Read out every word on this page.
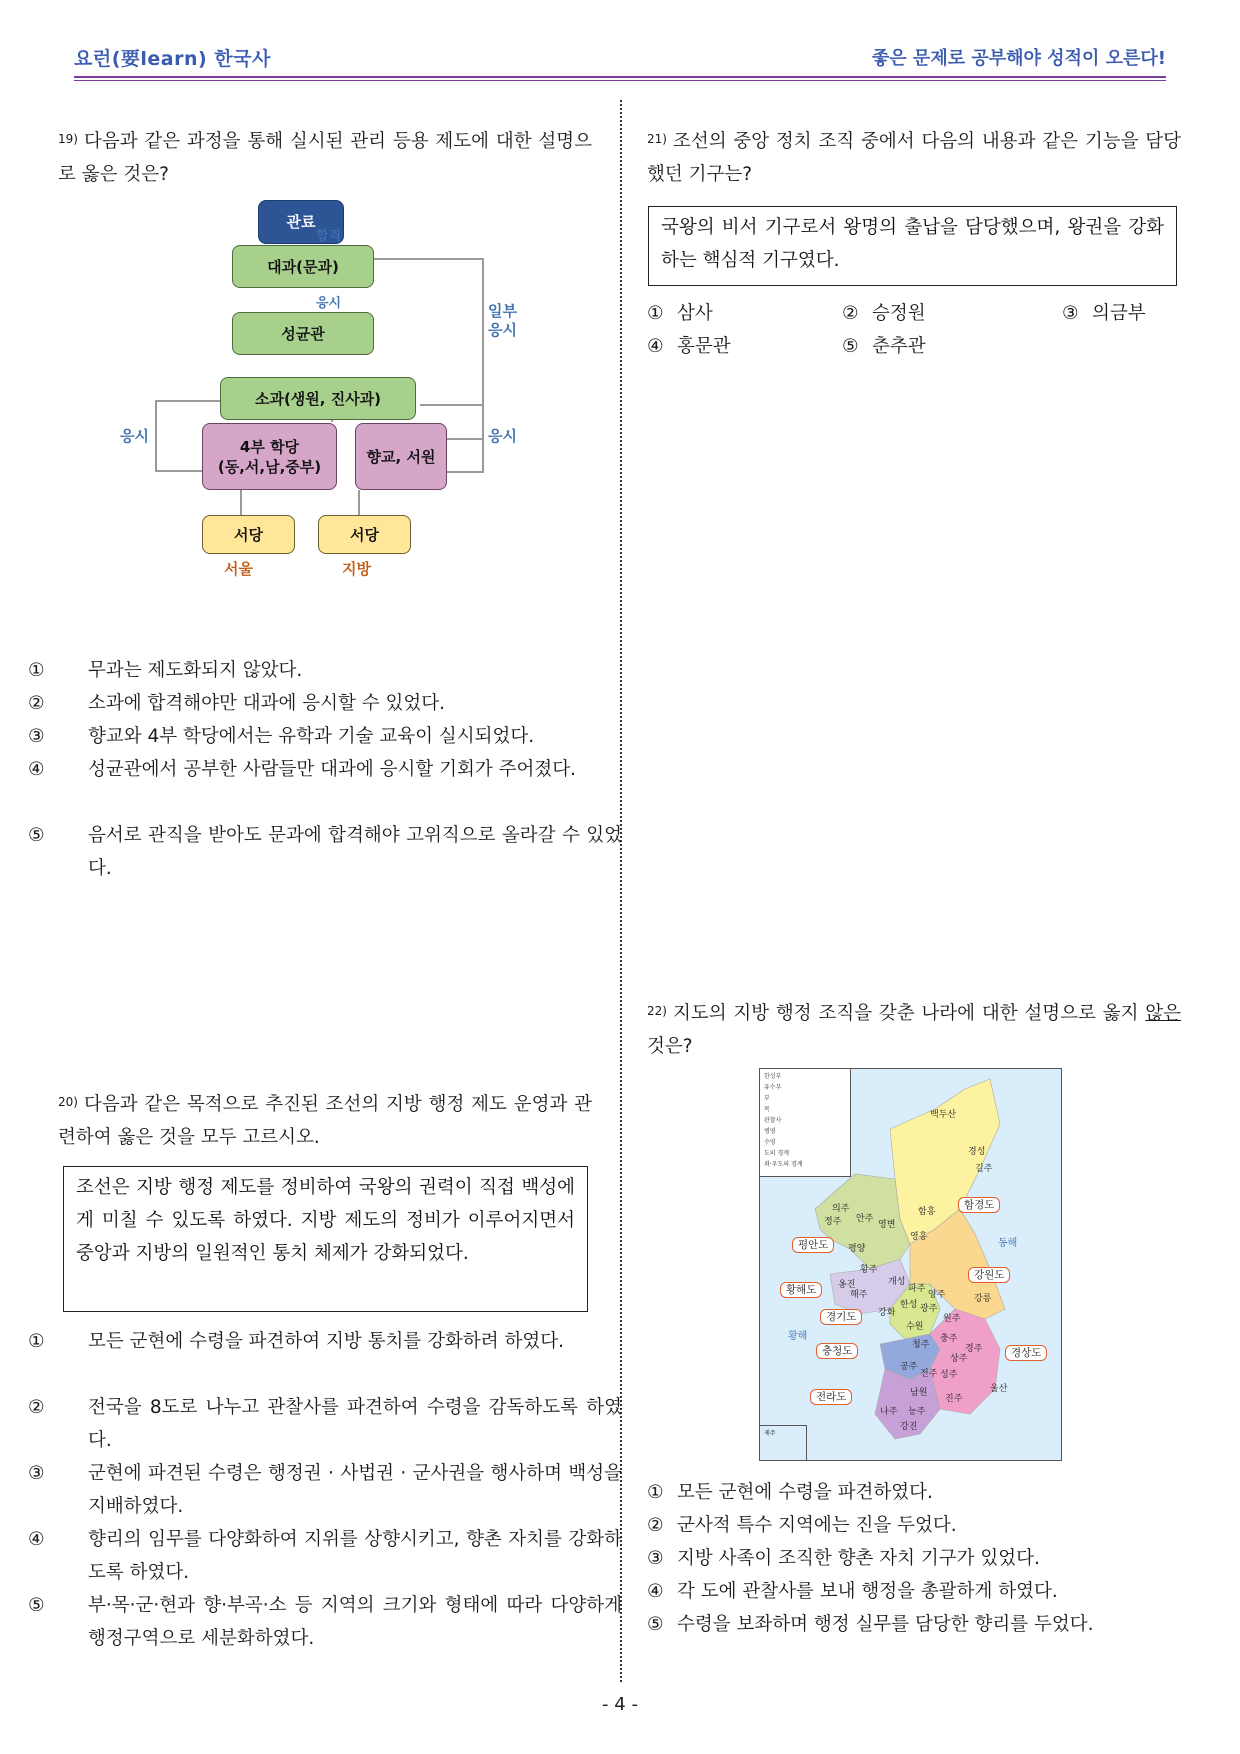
요런(要learn) 한국사	좋은 문제로 공부해야 성적이 오른다!
$^{19)}$ 다음과 같은 과정을 통해 실시된 관리 등용 제도에 대한 설명으로 옳은 것은?
관료
합격
대과(문과)
응시
성균관
일부
응시
소과(생원, 진사과)
응시	응시
4부 학당
(동,서,남,중부)
향교, 서원
서당	서당
서울	지방
① 무과는 제도화되지 않았다.
② 소과에 합격해야만 대과에 응시할 수 있었다.
③ 향교와 4부 학당에서는 유학과 기술 교육이 실시되었다.
④ 성균관에서 공부한 사람들만 대과에 응시할 기회가 주어졌다.
⑤ 음서로 관직을 받아도 문과에 합격해야 고위직으로 올라갈 수 있었다.
$^{20)}$ 다음과 같은 목적으로 추진된 조선의 지방 행정 제도 운영과 관련하여 옳은 것을 모두 고르시오.
조선은 지방 행정 제도를 정비하여 국왕의 권력이 직접 백성에게 미칠 수 있도록 하였다. 지방 제도의 정비가 이루어지면서 중앙과 지방의 일원적인 통치 체제가 강화되었다.
① 모든 군현에 수령을 파견하여 지방 통치를 강화하려 하였다.
② 전국을 8도로 나누고 관찰사를 파견하여 수령을 감독하도록 하였다.
③ 군현에 파견된 수령은 행정권 · 사법권 · 군사권을 행사하며 백성을 지배하였다.
④ 향리의 임무를 다양화하여 지위를 상향시키고, 향촌 자치를 강화하도록 하였다.
⑤ 부·목·군·현과 향·부곡·소 등 지역의 크기와 형태에 따라 다양하게 행정구역으로 세분화하였다.
$^{21)}$ 조선의 중앙 정치 조직 중에서 다음의 내용과 같은 기능을 담당했던 기구는?
국왕의 비서 기구로서 왕명의 출납을 담당했으며, 왕권을 강화하는 핵심적 기구였다.
① 삼사	② 승정원	③ 의금부
④ 홍문관	⑤ 춘추관
$^{22)}$ 지도의 지방 행정 조직을 갖춘 나라에 대한 설명으로 옳지 않은 것은?
한성부
유수부
부
목
관찰사
병영
수영
도의 경계
좌·우도의 경계
함경도
평안도
황해도
강원도
경기도
충청도	경상도
전라도
백두산
경성
길주
의주
정주 안주
영변
함흥
영흥
평양
황주
옹진
해주
개성
파주
양주
강화
한성 광주
원주
수원
강릉
충주
청주
상주
경주
공주
전주 성주
울산
남원
진주
나주 능주
강진
동해
황해
제주
① 모든 군현에 수령을 파견하였다.
② 군사적 특수 지역에는 진을 두었다.
③ 지방 사족이 조직한 향촌 자치 기구가 있었다.
④ 각 도에 관찰사를 보내 행정을 총괄하게 하였다.
⑤ 수령을 보좌하며 행정 실무를 담당한 향리를 두었다.
- 4 -
